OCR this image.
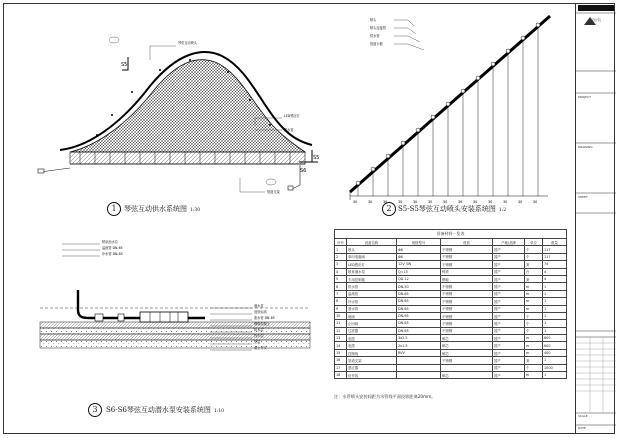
S5
S5
S6
琴弦互动喷头
LED感应灯
供水管
管道支架
30	30	30	30	30	30	30	30	30	30	30	30	30
喷头
喷头连接管
供水管
管道卡箍
喷泉池水位
溢流管 DN-65
补水管 DN-65
潜水泵
池底标高
泄水管 DN-65
钢筋混凝土
防水层
找平层
垫层
素土夯实
1	琴弦互动供水系统图 1:30	2 S5-S5琴弦互动喷头安装系统图 1:2
3	S6-S6琴弦互动潜水泵安装系统图 1:10
设备材料一览表
序号	设备名称	规格型号	材质	产地/品牌	单位	数量
1	喷头	Φ8	不锈钢	国产	个	117
2	单向电磁阀	Φ8	不锈钢	国产	个	117
3	LED感应灯	12V 3W	不锈钢	国产	套	74
4	喷泉潜水泵	Q=15	铸铁	国产	台	4
5	专用控制箱	QD-12	钢板	国产	套	4
6	供水管	DN-50	不锈钢	国产	m	1
7	溢流管	DN-65	不锈钢	国产	m	1
8	补水管	DN-65	不锈钢	国产	m	1
9	泄水管	DN-65	不锈钢	国产	m	1
10	闸阀	DN-65	不锈钢	国产	个	1
11	止回阀	DN-65	不锈钢	国产	个	1
12	过滤器	DN-65	不锈钢	国产	个	1
13	电缆	3x2.5	铜芯	国产	m	600
14	电缆	2x1.5	铜芯	国产	m	600
15	控制线	RVV	铜芯	国产	m	400
16	管道支架		不锈钢	国产	套	1
17	感应器			国产	个	1000
18	信号线		铜芯	国产	m	1
注：水管喷头安装间距为水管线平面投影距离20mm。
设计院
PROJECT
DRAWING
SHEET
SCALE
DATE
